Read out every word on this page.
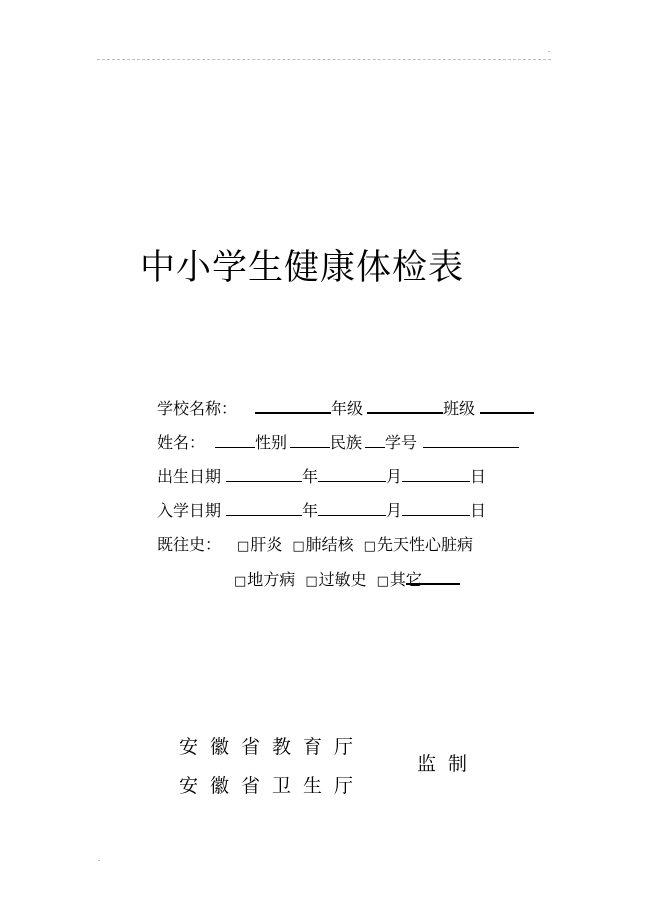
·
中小学生健康体检表
学校名称：	年级	班级
姓名：	性别	民族 学号
出生日期	年	月	日
入学日期	年	月	日
既往史： □肝炎 □肺结核 □先天性心脏病
□地方病 □过敏史 □其它
安徽省教育厅
安徽省卫生厅
监制
·
